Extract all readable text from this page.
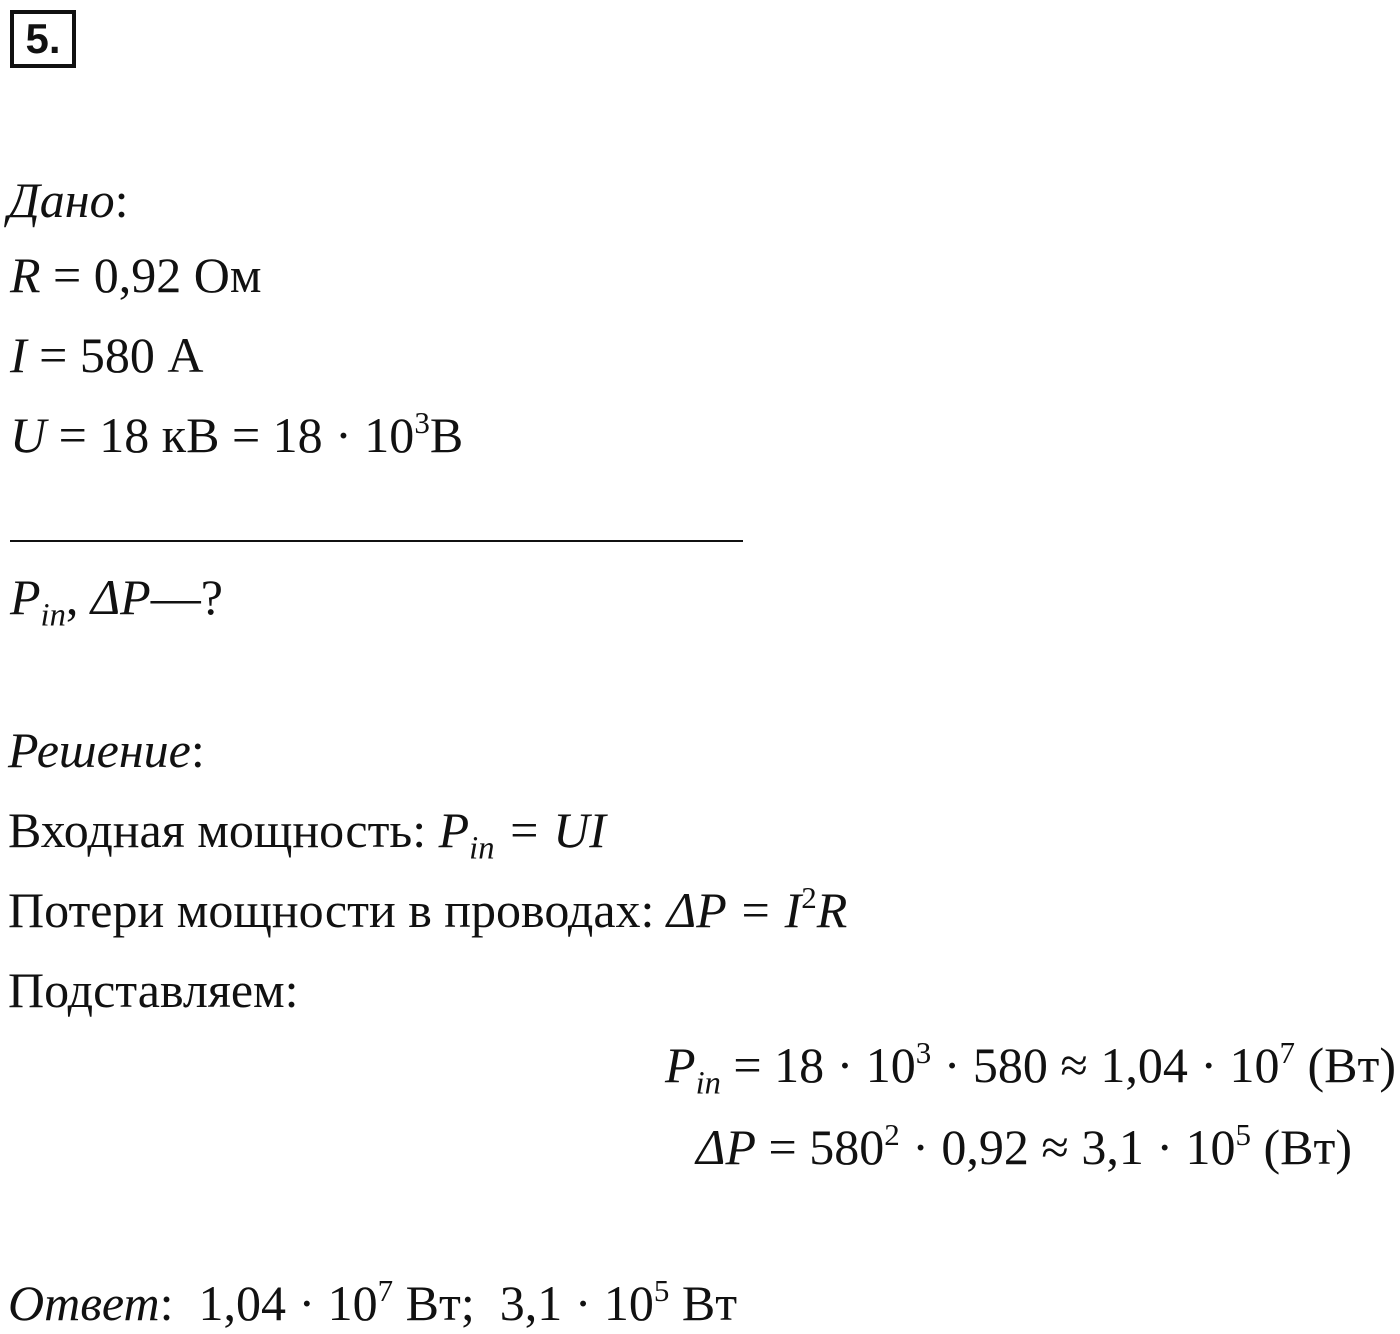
5.
Дано:
R = 0,92 Ом
I = 580 А
U = 18 кВ = $18 \cdot 10^3В$
$P_{in}$, ΔP—?
Решение:
Входная мощность: $P_{in}$ = UI
Потери мощности в проводах: $\Delta P = I^2R$
Подставляем:
$P_{in} = 18 \cdot 10^3 \cdot 580 \approx 1,04 \cdot 10^7$ (Вт)
$\Delta P = 580^2 \cdot 0,92 \approx 3,1 \cdot 10^5$ (Вт)
Ответ:  $1,04 \cdot 10^7$ Вт;  $3,1 \cdot 10^5$ Вт
